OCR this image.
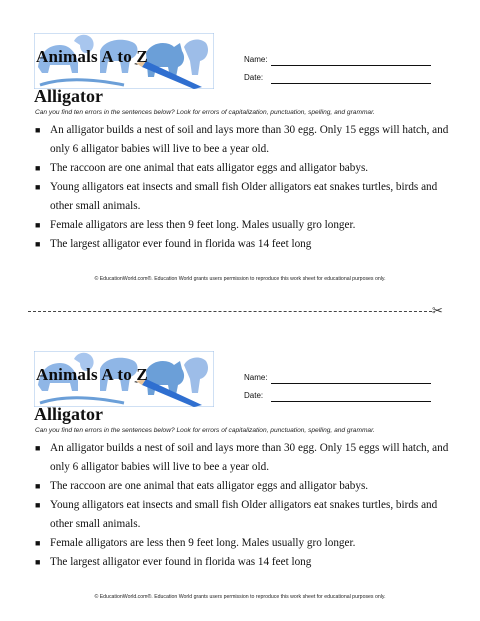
Animals A to Z	Name:
Date:
Alligator
Can you find ten errors in the sentences below? Look for errors of capitalization, punctuation, spelling, and grammar.
■ An alligator builds a nest of soil and lays more than 30 egg. Only 15 eggs will hatch, and only 6 alligator babies will live to bee a year old.
■ The raccoon are one animal that eats alligator eggs and alligator babys.
■ Young alligators eat insects and small fish Older alligators eat snakes turtles, birds and other small animals.
■ Female alligators are less then 9 feet long. Males usually gro longer.
■ The largest alligator ever found in florida was 14 feet long
© EducationWorld.com®. Education World grants users permission to reproduce this work sheet for educational purposes only.
✂
Animals A to Z	Name:
Date:
Alligator
Can you find ten errors in the sentences below? Look for errors of capitalization, punctuation, spelling, and grammar.
■ An alligator builds a nest of soil and lays more than 30 egg. Only 15 eggs will hatch, and only 6 alligator babies will live to bee a year old.
■ The raccoon are one animal that eats alligator eggs and alligator babys.
■ Young alligators eat insects and small fish Older alligators eat snakes turtles, birds and other small animals.
■ Female alligators are less then 9 feet long. Males usually gro longer.
■ The largest alligator ever found in florida was 14 feet long
© EducationWorld.com®. Education World grants users permission to reproduce this work sheet for educational purposes only.
